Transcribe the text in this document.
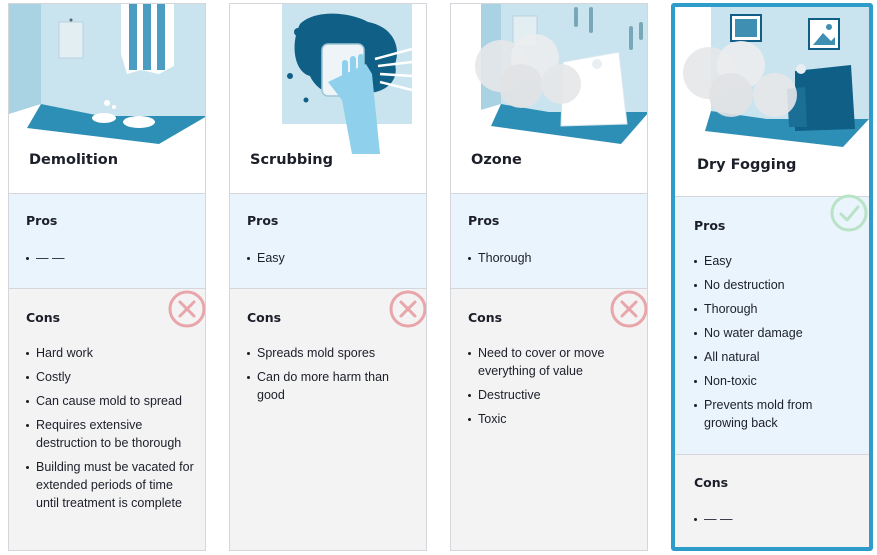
Demolition
Pros
— —
Cons
Hard work
Costly
Can cause mold to spread
Requires extensive destruction to be thorough
Building must be vacated for extended periods of time until treatment is complete
Scrubbing
Pros
Easy
Cons
Spreads mold spores
Can do more harm than good
Ozone
Pros
Thorough
Cons
Need to cover or move everything of value
Destructive
Toxic
Dry Fogging
Pros
Easy
No destruction
Thorough
No water damage
All natural
Non-toxic
Prevents mold from growing back
Cons
— —
